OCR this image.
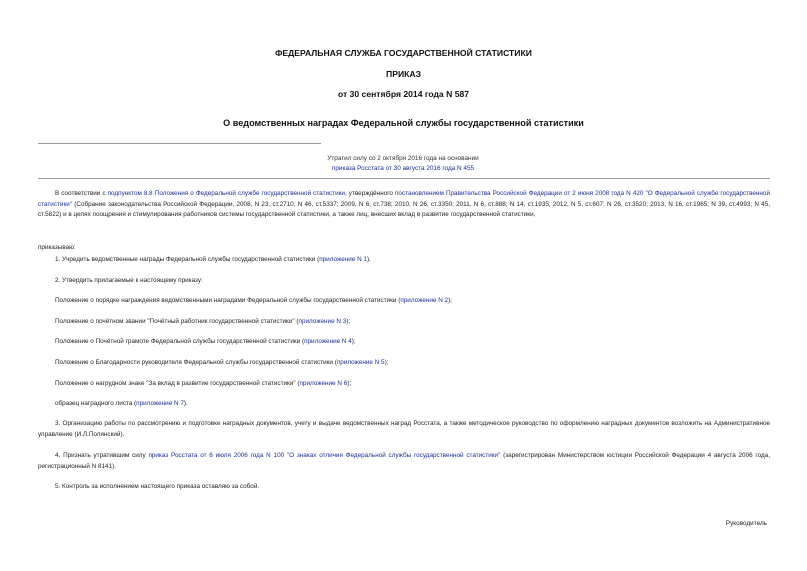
ФЕДЕРАЛЬНАЯ СЛУЖБА ГОСУДАРСТВЕННОЙ СТАТИСТИКИ
ПРИКАЗ
от 30 сентября 2014 года N 587
О ведомственных наградах Федеральной службы государственной статистики
Утратил силу со 2 октября 2016 года на основании
приказа Росстата от 30 августа 2016 года N 455
В соответствии с подпунктом 8.8 Положения о Федеральной службе государственной статистики, утверждённого постановлением Правительства Российской Федерации от 2 июня 2008 года N 420 "О Федеральной службе государственной статистики" (Собрание законодательства Российской Федерации, 2008, N 23, ст.2710; N 46, ст.5337; 2009, N 6, ст.738; 2010, N 26, ст.3350; 2011, N 6, ст.888; N 14, ст.1935; 2012, N 5, ст.607; N 26, ст.3520; 2013, N 16, ст.1965; N 39, ст.4993; N 45, ст.5822) и в целях поощрения и стимулирования работников системы государственной статистики, а также лиц, внесших вклад в развитие государственной статистики,
приказываю:
1. Учредить ведомственные награды Федеральной службы государственной статистики (приложение N 1).
2. Утвердить прилагаемые к настоящему приказу:
Положение о порядке награждения ведомственными наградами Федеральной службы государственной статистики (приложение N 2);
Положение о почётном звании "Почётный работник государственной статистики" (приложение N 3);
Положение о Почётной грамоте Федеральной службы государственной статистики (приложение N 4);
Положение о Благодарности руководителя Федеральной службы государственной статистики (приложение N 5);
Положение о нагрудном знаке "За вклад в развитие государственной статистики" (приложение N 6);
образец наградного листа (приложение N 7).
3. Организацию работы по рассмотрению и подготовке наградных документов, учету и выдаче ведомственных наград Росстата, а также методическое руководство по оформлению наградных документов возложить на Административное управление (И.Л.Полянский).
4. Признать утратившим силу приказ Росстата от 6 июля 2006 года N 100 "О знаках отличия Федеральной службы государственной статистики" (зарегистрирован Министерством юстиции Российской Федерации 4 августа 2006 года, регистрационный N 8141).
5. Контроль за исполнением настоящего приказа оставляю за собой.
Руководитель
